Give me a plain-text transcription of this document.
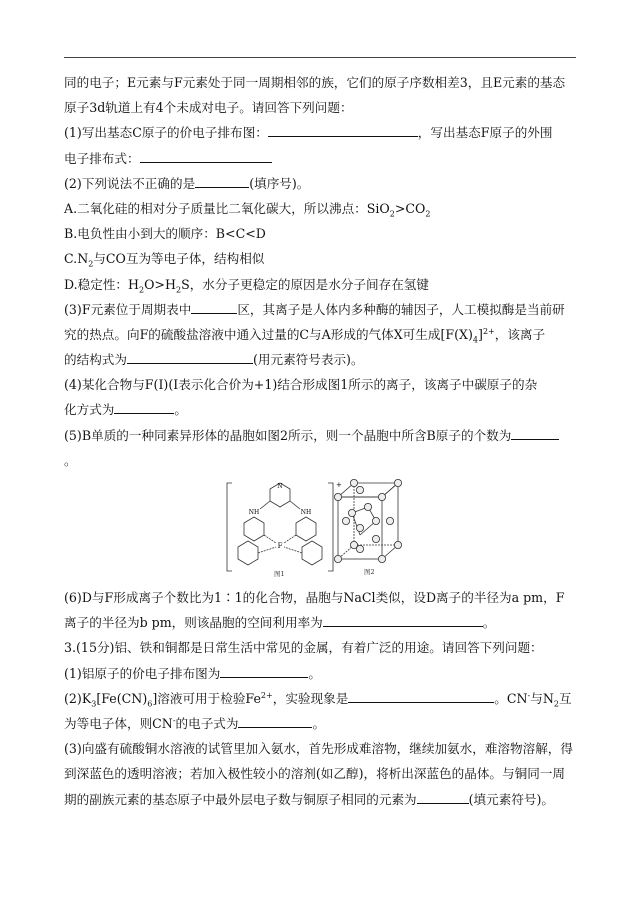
同的电子；E元素与F元素处于同一周期相邻的族，它们的原子序数相差3，且E元素的基态
原子3d轨道上有4个未成对电子。请回答下列问题：
(1)写出基态C原子的价电子排布图：	，写出基态F原子的外围
电子排布式：
(2)下列说法不正确的是	(填序号)。
A.二氧化硅的相对分子质量比二氧化碳大，所以沸点：$SiO_2>CO_2$
B.电负性由小到大的顺序：B<C<D
$C.N_2$与CO互为等电子体，结构相似
D.稳定性：$H_2O>H_2S$，水分子更稳定的原因是水分子间存在氢键
(3)F元素位于周期表中	区，其离子是人体内多种酶的辅因子，人工模拟酶是当前研
究的热点。向F的硫酸盐溶液中通入过量的C与A形成的气体X可生成$[F(X)_4]^{2+}$，该离子
的结构式为	(用元素符号表示)。
(4)某化合物与F(Ⅰ)(Ⅰ表示化合价为+1)结合形成图1所示的离子，该离子中碳原子的杂
化方式为	。
(5)B单质的一种同素异形体的晶胞如图2所示，则一个晶胞中所含B原子的个数为
。
N
NH	NH
F
+
图1	图2
(6)D与F形成离子个数比为1∶1的化合物，晶胞与NaCl类似，设D离子的半径为a pm，F
离子的半径为b pm，则该晶胞的空间利用率为	。
3.(15分)铝、铁和铜都是日常生活中常见的金属，有着广泛的用途。请回答下列问题：
(1)铝原子的价电子排布图为	。
$(2)K_3[Fe(CN)_6]$溶液可用于检验$Fe^{2+}$，实验现象是	。CN-与$N_2$互
为等电子体，则CN-的电子式为	。
(3)向盛有硫酸铜水溶液的试管里加入氨水，首先形成难溶物，继续加氨水，难溶物溶解，得
到深蓝色的透明溶液；若加入极性较小的溶剂(如乙醇)，将析出深蓝色的晶体。与铜同一周
期的副族元素的基态原子中最外层电子数与铜原子相同的元素为	(填元素符号)。
